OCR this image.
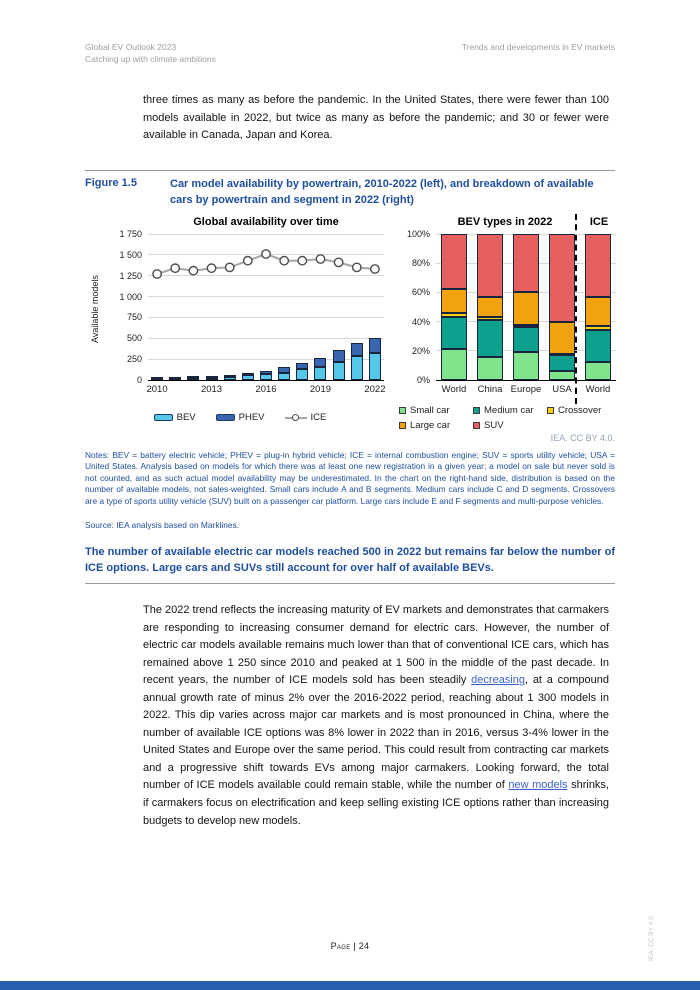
Global EV Outlook 2023
Catching up with climate ambitions
Trends and developments in EV markets
three times as many as before the pandemic. In the United States, there were fewer than 100 models available in 2022, but twice as many as before the pandemic; and 30 or fewer were available in Canada, Japan and Korea.
Figure 1.5	Car model availability by powertrain, 2010-2022 (left), and breakdown of available cars by powertrain and segment in 2022 (right)
Global availability over time
Available models
0
250
500
750
1 000
1 250
1 500
1 750
2010	2013	2016	2019	2022
BEV	PHEV	ICE
BEV types in 2022	ICE
0%
20%
40%
60%
80%
100%
World	China Europe	USA	World
Small car	Medium car	Crossover
Large car	SUV
IEA. CC BY 4.0.
Notes: BEV = battery electric vehicle; PHEV = plug-in hybrid vehicle; ICE = internal combustion engine; SUV = sports utility vehicle; USA = United States. Analysis based on models for which there was at least one new registration in a given year; a model on sale but never sold is not counted, and as such actual model availability may be underestimated. In the chart on the right-hand side, distribution is based on the number of available models, not sales-weighted. Small cars include A and B segments. Medium cars include C and D segments. Crossovers are a type of sports utility vehicle (SUV) built on a passenger car platform. Large cars include E and F segments and multi-purpose vehicles.
Source: IEA analysis based on Marklines.
The number of available electric car models reached 500 in 2022 but remains far below the number of ICE options. Large cars and SUVs still account for over half of available BEVs.
The 2022 trend reflects the increasing maturity of EV markets and demonstrates that carmakers are responding to increasing consumer demand for electric cars. However, the number of electric car models available remains much lower than that of conventional ICE cars, which has remained above 1 250 since 2010 and peaked at 1 500 in the middle of the past decade. In recent years, the number of ICE models sold has been steadily decreasing, at a compound annual growth rate of minus 2% over the 2016-2022 period, reaching about 1 300 models in 2022. This dip varies across major car markets and is most pronounced in China, where the number of available ICE options was 8% lower in 2022 than in 2016, versus 3-4% lower in the United States and Europe over the same period. This could result from contracting car markets and a progressive shift towards EVs among major carmakers. Looking forward, the total number of ICE models available could remain stable, while the number of new models shrinks, if carmakers focus on electrification and keep selling existing ICE options rather than increasing budgets to develop new models.
Page | 24	IEA. CC BY 4.0.
